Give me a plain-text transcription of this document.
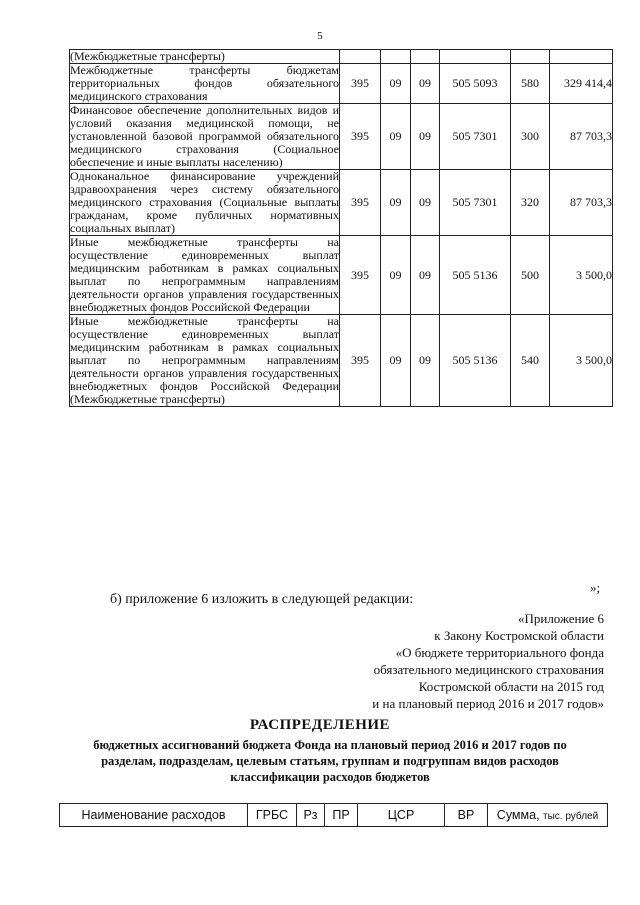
5
(Межбюджетные трансферты)						
Межбюджетные трансферты бюджетам территориальных фондов обязательного медицинского страхования	395	09	09	505 5093	580	329 414,4
Финансовое обеспечение дополнительных видов и условий оказания медицинской помощи, не установленной базовой программой обязательного медицинского страхования (Социальное обеспечение и иные выплаты населению)	395	09	09	505 7301	300	87 703,3
Одноканальное финансирование учреждений здравоохранения через систему обязательного медицинского страхования (Социальные выплаты гражданам, кроме публичных нормативных социальных выплат)	395	09	09	505 7301	320	87 703,3
Иные межбюджетные трансферты на осуществление единовременных выплат медицинским работникам в рамках социальных выплат по непрограммным направлениям деятельности органов управления государственных внебюджетных фондов Российской Федерации	395	09	09	505 5136	500	3 500,0
Иные межбюджетные трансферты на осуществление единовременных выплат медицинским работникам в рамках социальных выплат по непрограммным направлениям деятельности органов управления государственных внебюджетных фондов Российской Федерации (Межбюджетные трансферты)	395	09	09	505 5136	540	3 500,0
»;
б) приложение 6 изложить в следующей редакции:
«Приложение 6
к Закону Костромской области
«О бюджете территориального фонда
обязательного медицинского страхования
Костромской области на 2015 год
и на плановый период 2016 и 2017 годов»
РАСПРЕДЕЛЕНИЕ
бюджетных ассигнований бюджета Фонда на плановый период 2016 и 2017 годов по разделам, подразделам, целевым статьям, группам и подгруппам видов расходов классификации расходов бюджетов
Наименование расходов	ГРБС	Рз	ПР	ЦСР	ВР	Сумма, тыс. рублей
